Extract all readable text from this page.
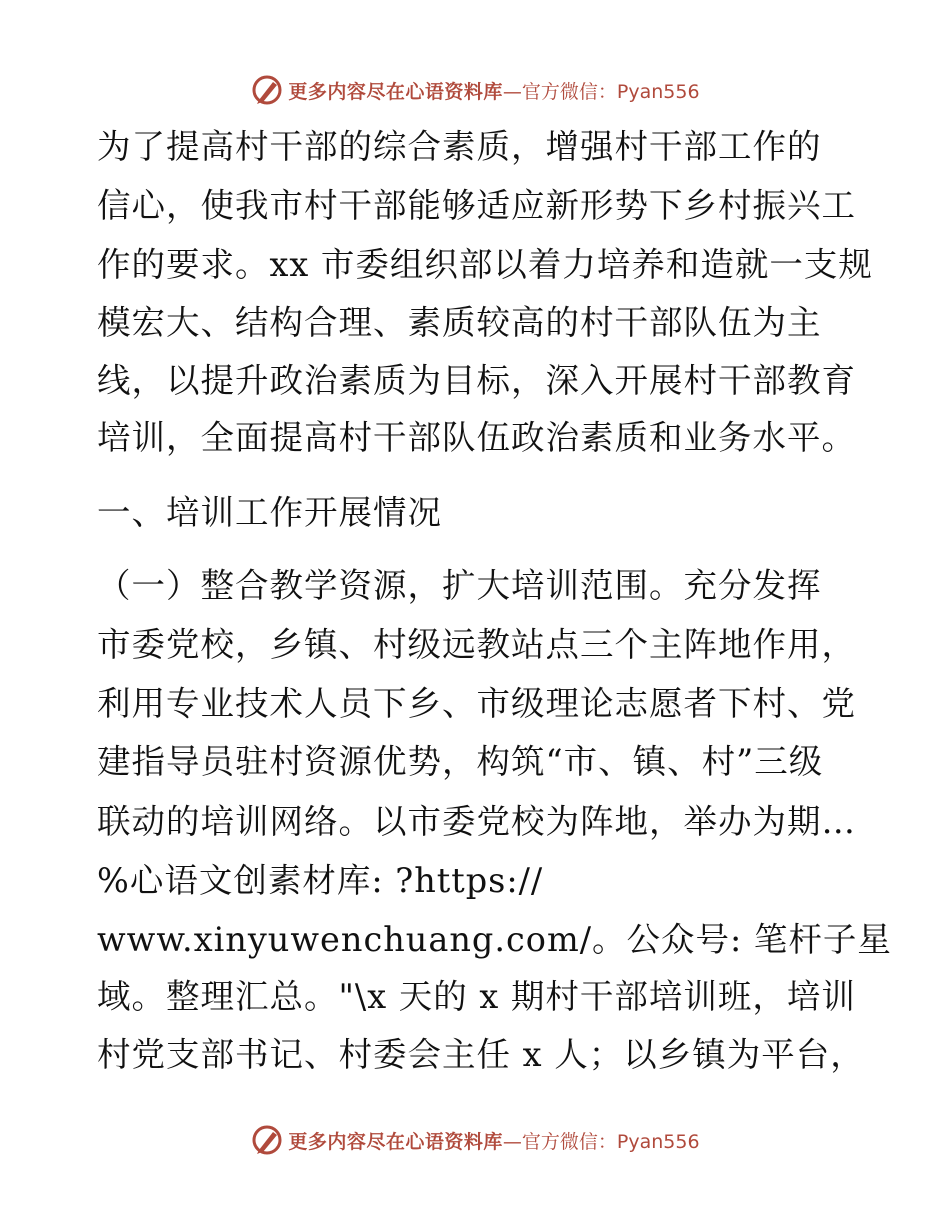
更多内容尽在心语资料库 —官方微信：Pyan556
为了提高村干部的综合素质，增强村干部工作的
信心，使我市村干部能够适应新形势下乡村振兴工
作的要求。xx 市委组织部以着力培养和造就一支规
模宏大、结构合理、素质较高的村干部队伍为主
线，以提升政治素质为目标，深入开展村干部教育
培训，全面提高村干部队伍政治素质和业务水平。
一、培训工作开展情况
（一）整合教学资源，扩大培训范围。充分发挥
市委党校，乡镇、村级远教站点三个主阵地作用，
利用专业技术人员下乡、市级理论志愿者下村、党
建指导员驻村资源优势，构筑“市、镇、村”三级
联动的培训网络。以市委党校为阵地，举办为期…
%心语文创素材库: ?https://
www.xinyuwenchuang.com/。公众号: 笔杆子星
域。整理汇总。"\x 天的 x 期村干部培训班，培训
村党支部书记、村委会主任 x 人；以乡镇为平台，
更多内容尽在心语资料库 —官方微信：Pyan556
